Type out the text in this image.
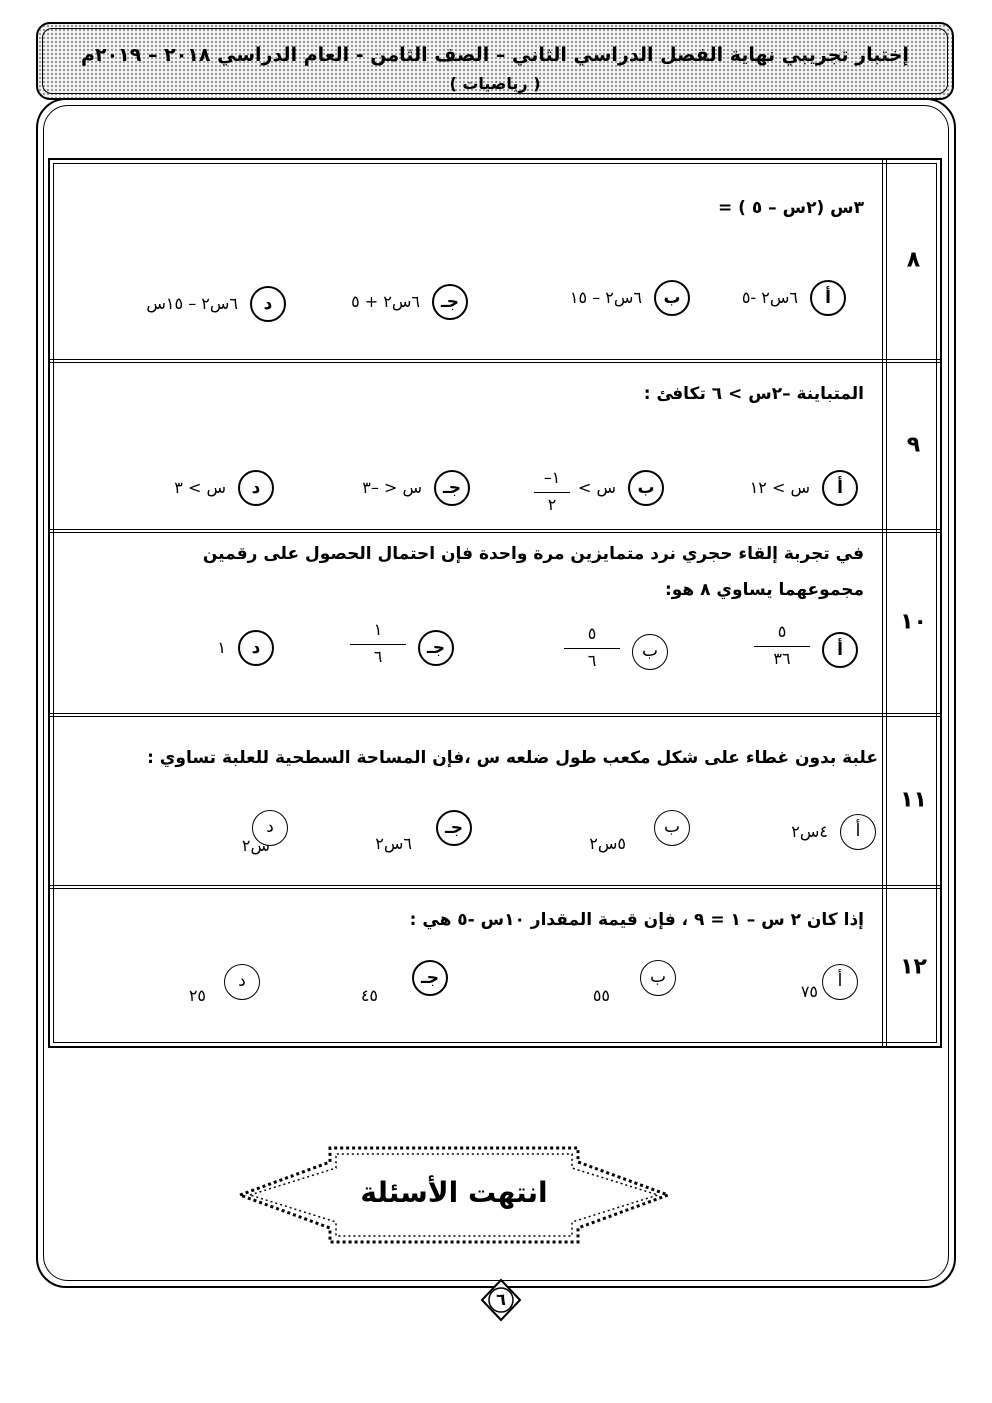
إختبار تجريبي نهاية الفصل الدراسي الثاني – الصف الثامن - العام الدراسي ٢٠١٨ – ٢٠١٩م
( رياضيات )
٨
٣س (٢س – ٥ ) =
أ
٦س٢ -٥
ب
٦س٢ – ١٥
جـ
٦س٢ + ٥
د
٦س٢ – ١٥س
٩
المتباينة –٢س > ٦ تكافئ :
أ
س > ١٢
ب
س >
–١
٢
جـ
س < –٣
د
س > ٣
١٠
في تجربة إلقاء حجري نرد متمايزين مرة واحدة فإن احتمال الحصول على رقمين مجموعهما يساوي ٨ هو:
أ
٥
٣٦
ب
٥
٦
جـ
١
٦
د
١
١١
علبة بدون غطاء على شكل مكعب طول ضلعه س ،فإن المساحة السطحية للعلبة تساوي :
أ
٤س٢
ب
٥س٢
جـ
٦س٢
د
س٢
١٢
إذا كان ٢ س – ١ = ٩ ، فإن قيمة المقدار ١٠س -٥ هي :
أ
٧٥
ب
٥٥
جـ
٤٥
د
٢٥
انتهت الأسئلة
٦
